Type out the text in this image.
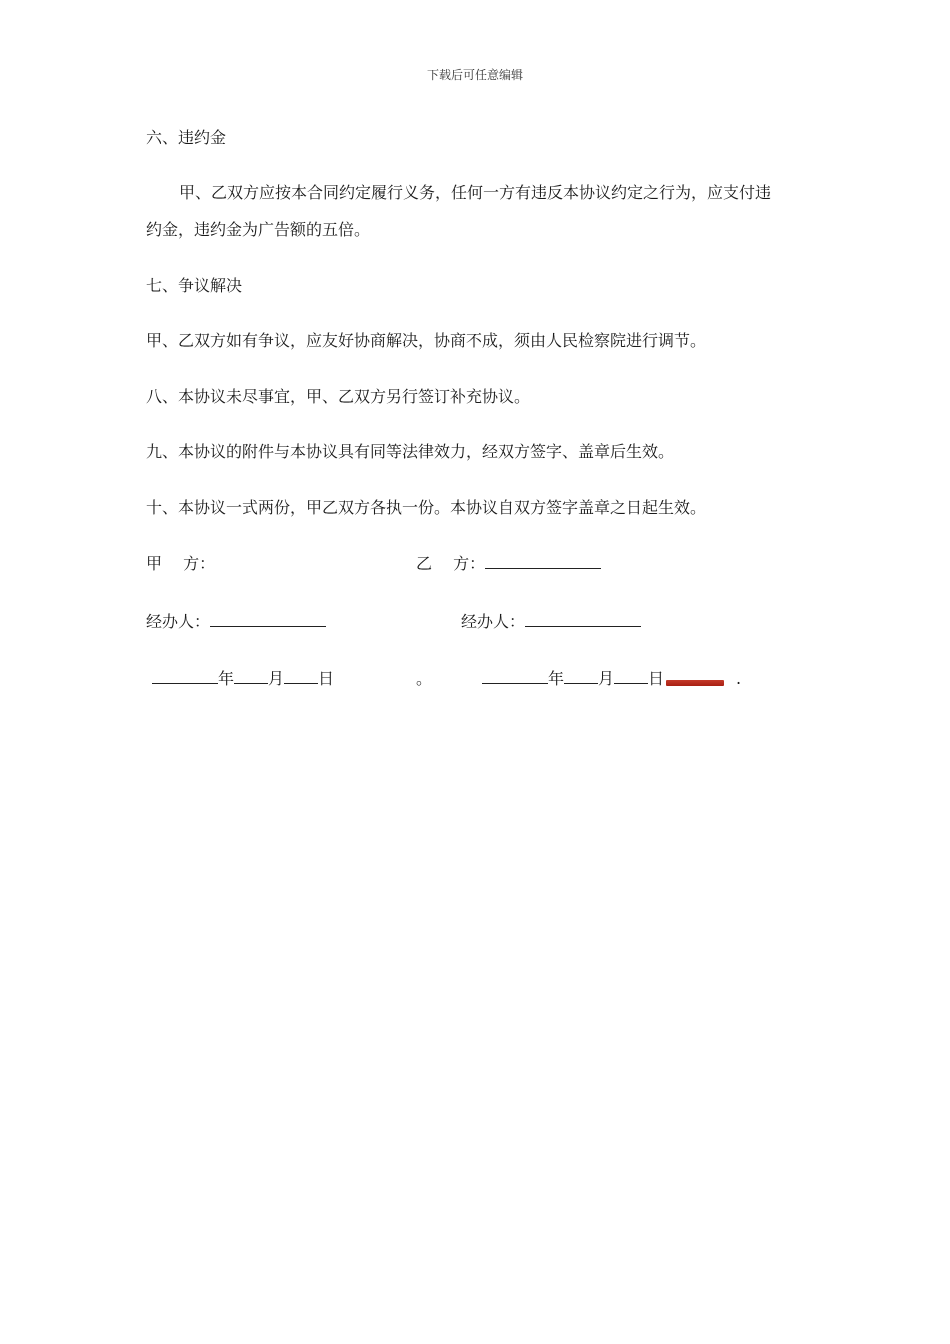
下载后可任意编辑
六、违约金
甲、乙双方应按本合同约定履行义务，任何一方有违反本协议约定之行为，应支付违
约金，违约金为广告额的五倍。
七、争议解决
甲、乙双方如有争议，应友好协商解决，协商不成，须由人民检察院进行调节。
八、本协议未尽事宜，甲、乙双方另行签订补充协议。
九、本协议的附件与本协议具有同等法律效力，经双方签字、盖章后生效。
十、本协议一式两份，甲乙双方各执一份。本协议自双方签字盖章之日起生效。
甲　 方：	乙　 方：
经办人：	经办人：
年 月 日	。	年 月 日	.
